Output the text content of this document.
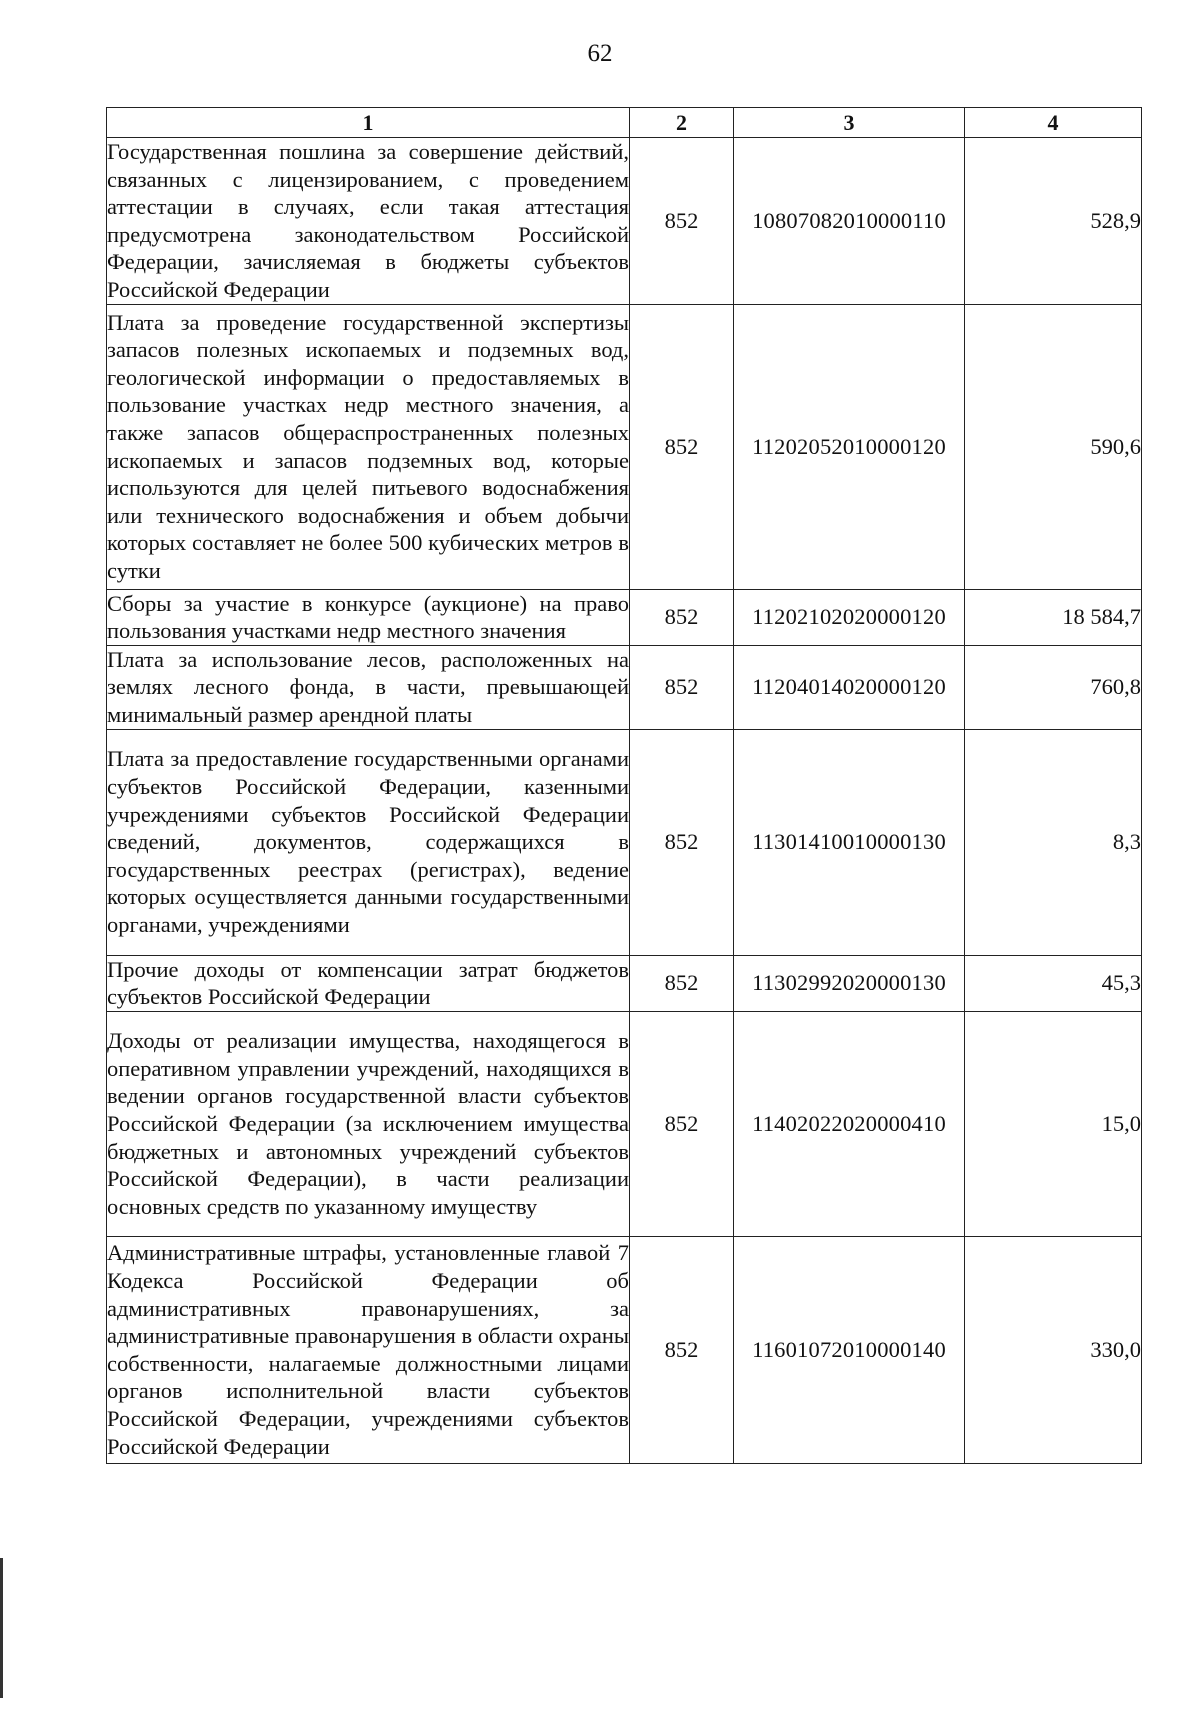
62
1	2	3	4
Государственная пошлина за совершение действий, связанных с лицензированием, с проведением аттестации в случаях, если такая аттестация предусмотрена законодательством Российской Федерации, зачисляемая в бюджеты субъектов Российской Федерации	852	10807082010000110	528,9
Плата за проведение государственной экспертизы запасов полезных ископаемых и подземных вод, геологической информации о предоставляемых в пользование участках недр местного значения, а также запасов общераспространенных полезных ископаемых и запасов подземных вод, которые используются для целей питьевого водоснабжения или технического водоснабжения и объем добычи которых составляет не более 500 кубических метров в сутки	852	11202052010000120	590,6
Сборы за участие в конкурсе (аукционе) на право пользования участками недр местного значения	852	11202102020000120	18 584,7
Плата за использование лесов, расположенных на землях лесного фонда, в части, превышающей минимальный размер арендной платы	852	11204014020000120	760,8
Плата за предоставление государственными органами субъектов Российской Федерации, казенными учреждениями субъектов Российской Федерации сведений, документов, содержащихся в государственных реестрах (регистрах), ведение которых осуществляется данными государственными органами, учреждениями	852	11301410010000130	8,3
Прочие доходы от компенсации затрат бюджетов субъектов Российской Федерации	852	11302992020000130	45,3
Доходы от реализации имущества, находящегося в оперативном управлении учреждений, находящихся в ведении органов государственной власти субъектов Российской Федерации (за исключением имущества бюджетных и автономных учреждений субъектов Российской Федерации), в части реализации основных средств по указанному имуществу	852	11402022020000410	15,0
Административные штрафы, установленные главой 7 Кодекса Российской Федерации об административных правонарушениях, за административные правонарушения в области охраны собственности, налагаемые должностными лицами органов исполнительной власти субъектов Российской Федерации, учреждениями субъектов Российской Федерации	852	11601072010000140	330,0
